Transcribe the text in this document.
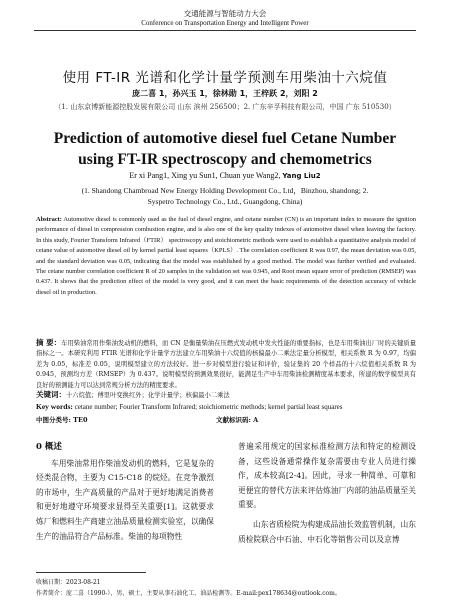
交通能源与智能动力大会
Conference on Transportation Energy and Intelligent Power
使用 FT-IR 光谱和化学计量学预测车用柴油十六烷值
庞二喜 1，孙兴玉 1，徐林勋 1，王梓跃 2，刘阳 2
（1. 山东京博新能源控股发展有限公司 山东 滨州 256500；2. 广东辛孚科技有限公司，中国 广东 510530）
Prediction of automotive diesel fuel Cetane Number
using FT-IR spectroscopy and chemometrics
Er xi Pang1, Xing yu Sun1, Chuan yue Wang2, Yang Liu2
(1. Shandong Chambroad New Energy Holding Development Co., Ltd，Binzhou, shandong; 2.
Syspetro Technology Co., Ltd., Guangdong, China)
Abstract: Automotive diesel is commonly used as the fuel of diesel engine, and cetane number (CN) is an important index to measure the ignition performance of diesel in compression combustion engine, and is also one of the key quality indexes of automotive diesel when leaving the factory. In this study, Fourier Transform Infrared（FTIR） spectroscopy and stoichiometric methods were used to establish a quantitative analysis model of cetane value of automotive diesel oil by kernel partial least squares（KPLS）. The correlation coefficient R was 0.97, the mean deviation was 0.05, and the standard deviation was 0.05, indicating that the model was established by a good method. The model was further verified and evaluated. The cetane number correlation coefficient R of 20 samples in the validation set was 0.945, and Root mean square error of prediction (RMSEP) was 0.437. It shows that the prediction effect of the model is very good, and it can meet the basic requirements of the detection accuracy of vehicle diesel oil in production.
摘 要：车用柴油常用作柴油发动机的燃料，而 CN 是衡量柴油在压燃式发动机中发火性能的重要指标，也是车用柴油出厂时的关键质量指标之一。本研究利用 FTIR 光谱和化学计量学方法建立车用柴油十六烷值的核偏最小二乘法定量分析模型，相关系数 R 为 0.97，均偏差为 0.05，标准差 0.05，说明模型建立的方法较好。进一步对模型进行验证和评价，验证集的 20 个样品的十六烷值相关系数 R 为 0.945，预测均方差（RMSEP）为 0.437。说明模型的预测效果很好，能满足生产中车用柴油检测精度基本要求，所建的数学模型具有良好的预测能力可以达到常规分析方法的精度要求。
关键词：十六烷值；傅里叶变换红外；化学计量学；核偏最小二乘法
Key words: cetane number; Fourier Transform Infrared; stoichiometric methods; kernel partial least squares
中图分类号: TE0	文献标识码: A
0 概述
车用柴油常用作柴油发动机的燃料，它是复杂的烃类混合物，主要为 C15-C18 的烷烃。在竞争激烈的市场中，生产高质量的产品对于更好地满足消费者和更好地遵守环境要求显得至关重要[1]。这就要求炼厂和燃料生产商建立油品质量检测实验室，以确保生产的油品符合产品标准。柴油的每项物性
普遍采用规定的国家标准检测方法和特定的检测设备，这些设备通常操作复杂需要由专业人员进行操作，成本较高[2-4]。因此，寻求一种简单、可靠和更便宜的替代方法来评估炼油厂内部的油品质量至关重要。
山东省质检院为构建成品油长效监管机制，山东质检院联合中石油、中石化等销售公司以及京博
收稿日期：2023-08-21
作者简介：庞二喜（1990-），男，硕士，主要从事石油化工、油品检测等。E-mail:pex178634@outlook.com。
